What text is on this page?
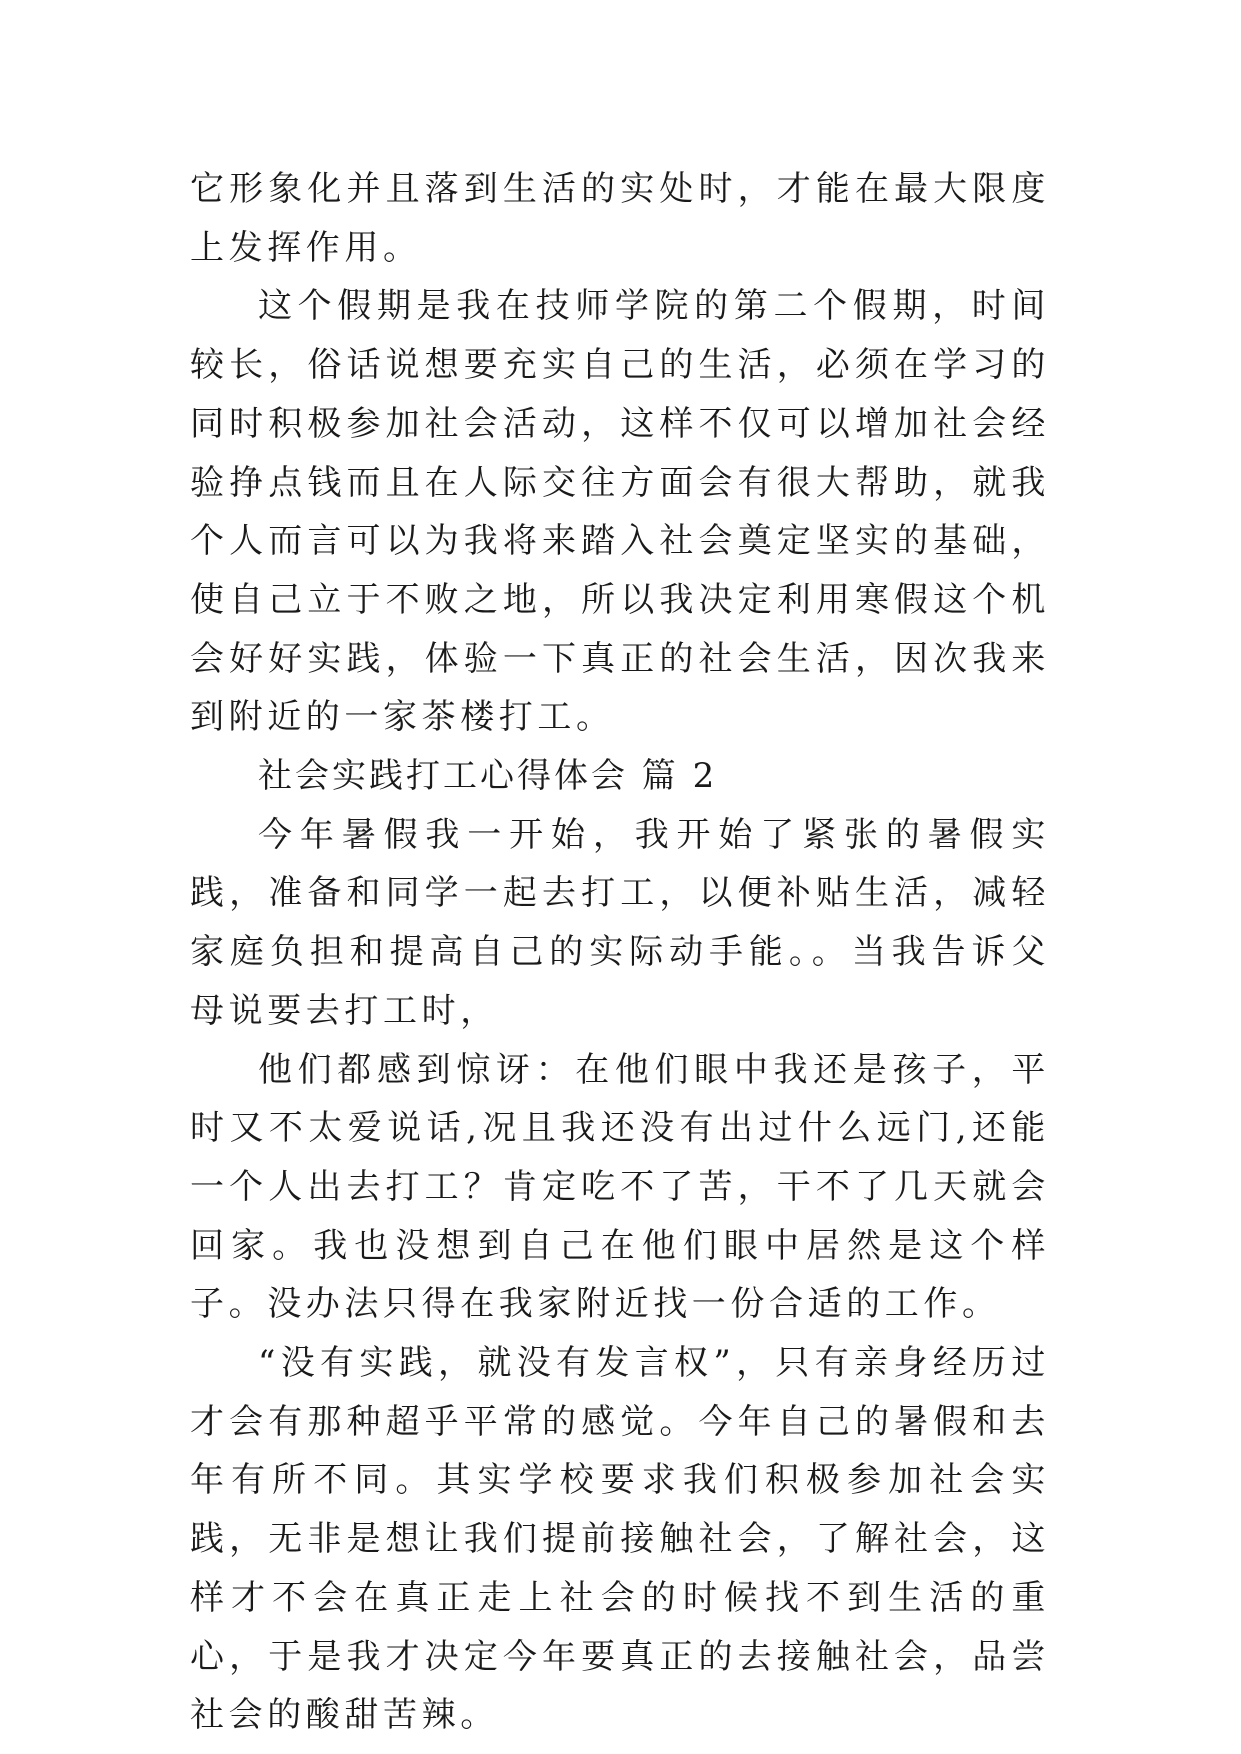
它形象化并且落到生活的实处时，才能在最大限度上发挥作用。

这个假期是我在技师学院的第二个假期，时间较长，俗话说想要充实自己的生活，必须在学习的同时积极参加社会活动，这样不仅可以增加社会经验挣点钱而且在人际交往方面会有很大帮助，就我个人而言可以为我将来踏入社会奠定坚实的基础，使自己立于不败之地，所以我决定利用寒假这个机会好好实践，体验一下真正的社会生活，因次我来到附近的一家茶楼打工。

社会实践打工心得体会 篇 2

今年暑假我一开始，我开始了紧张的暑假实践，准备和同学一起去打工，以便补贴生活，减轻家庭负担和提高自己的实际动手能。。当我告诉父母说要去打工时，

他们都感到惊讶：在他们眼中我还是孩子，平时又不太爱说话,况且我还没有出过什么远门,还能一个人出去打工？肯定吃不了苦，干不了几天就会回家。我也没想到自己在他们眼中居然是这个样子。没办法只得在我家附近找一份合适的工作。

“没有实践，就没有发言权”，只有亲身经历过才会有那种超乎平常的感觉。今年自己的暑假和去年有所不同。其实学校要求我们积极参加社会实践，无非是想让我们提前接触社会，了解社会，这样才不会在真正走上社会的时候找不到生活的重心，于是我才决定今年要真正的去接触社会，品尝社会的酸甜苦辣。
